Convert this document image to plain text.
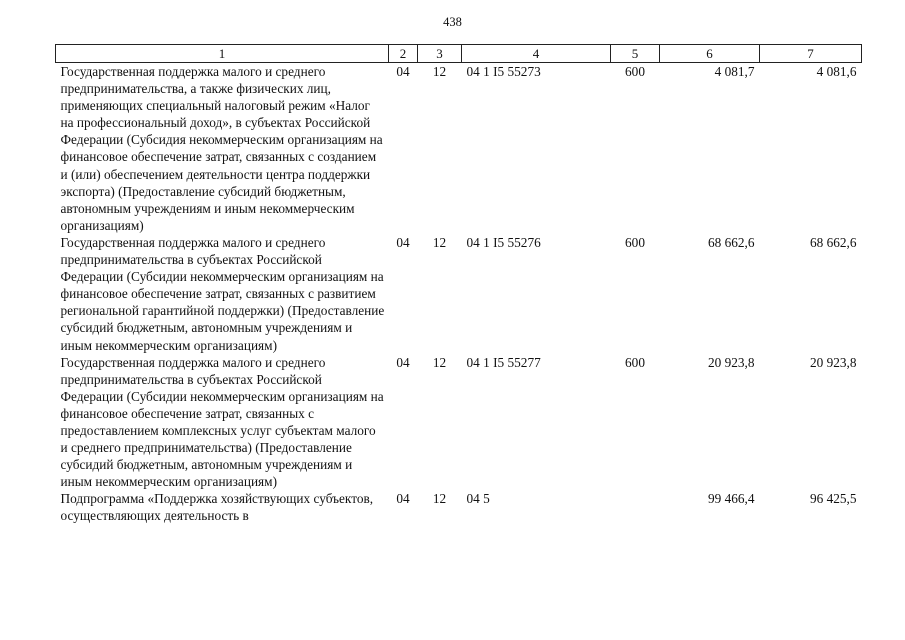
438
1	2	3	4	5	6	7
Государственная поддержка малого и среднего предпринимательства, а также физических лиц, применяющих специальный налоговый режим «Налог на профессиональный доход», в субъектах Российской Федерации (Субсидия некоммерческим организациям на финансовое обеспечение затрат, связанных с созданием и (или) обеспечением деятельности центра поддержки экспорта) (Предоставление субсидий бюджетным, автономным учреждениям и иным некоммерческим организациям)	04	12	04 1 I5 55273	600	4 081,7	4 081,6
Государственная поддержка малого и среднего предпринимательства в субъектах Российской Федерации (Субсидии некоммерческим организациям на финансовое обеспечение затрат, связанных с развитием региональной гарантийной поддержки) (Предоставление субсидий бюджетным, автономным учреждениям и иным некоммерческим организациям)	04	12	04 1 I5 55276	600	68 662,6	68 662,6
Государственная поддержка малого и среднего предпринимательства в субъектах Российской Федерации (Субсидии некоммерческим организациям на финансовое обеспечение затрат, связанных с предоставлением комплексных услуг субъектам малого и среднего предпринимательства) (Предоставление субсидий бюджетным, автономным учреждениям и иным некоммерческим организациям)	04	12	04 1 I5 55277	600	20 923,8	20 923,8
Подпрограмма «Поддержка хозяйствующих субъектов, осуществляющих деятельность в	04	12	04 5		99 466,4	96 425,5
